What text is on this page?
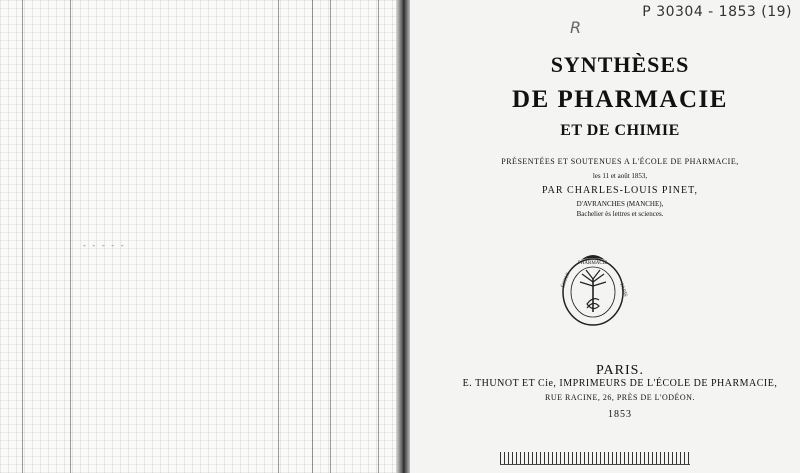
- - - - -
P 30304 - 1853 (19)
R
SYNTHÈSES
DE PHARMACIE
ET DE CHIMIE
PRÉSENTÉES ET SOUTENUES A L'ÉCOLE DE PHARMACIE,
les 11 et août 1853,
PAR CHARLES-LOUIS PINET,
D'AVRANCHES (MANCHE),
Bachelier ès lettres et sciences.
ÉCOLE
PHARMACIE
PARIS
PARIS.
E. THUNOT ET Cie, IMPRIMEURS DE L'ÉCOLE DE PHARMACIE,
RUE RACINE, 26, PRÈS DE L'ODÉON.
1853
